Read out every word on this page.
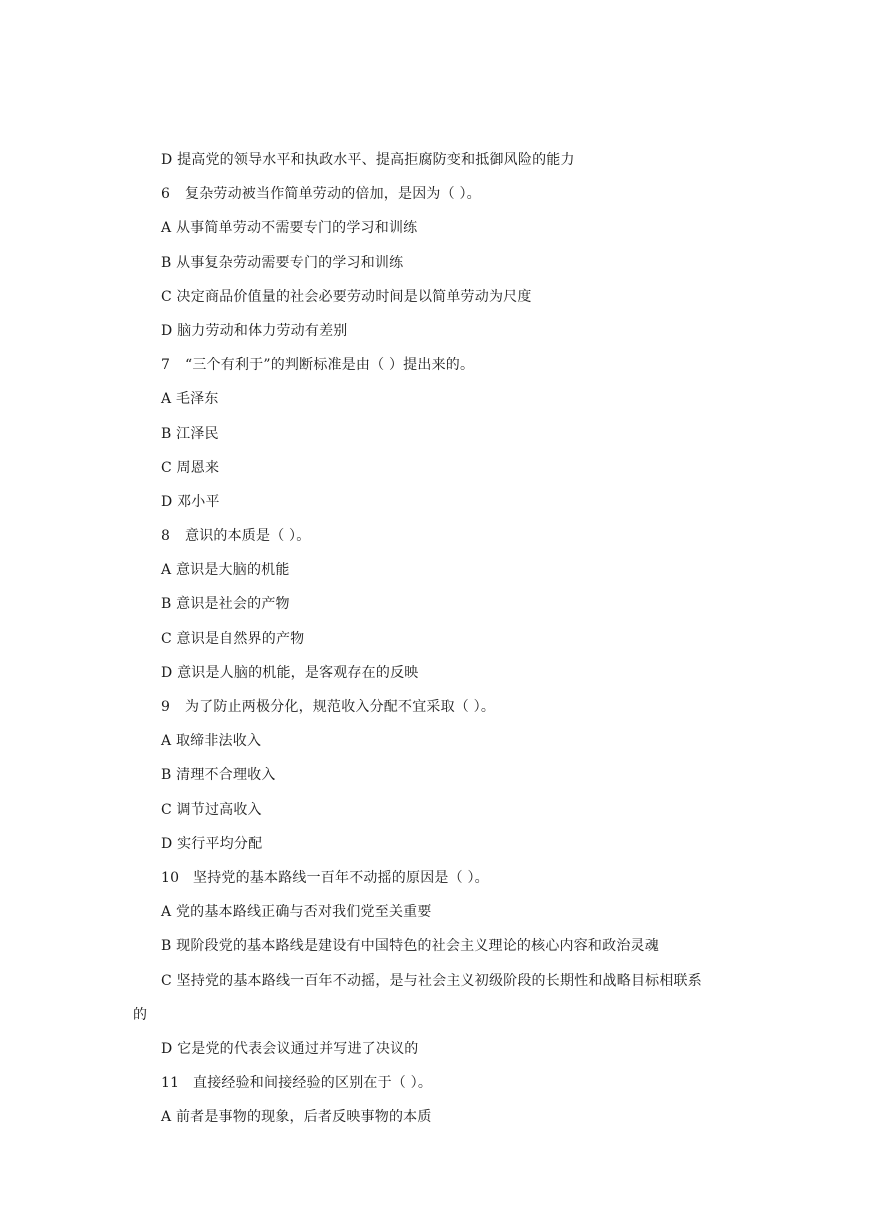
D 提高党的领导水平和执政水平、提高拒腐防变和抵御风险的能力
6 复杂劳动被当作简单劳动的倍加，是因为（ ）。
A 从事简单劳动不需要专门的学习和训练
B 从事复杂劳动需要专门的学习和训练
C 决定商品价值量的社会必要劳动时间是以简单劳动为尺度
D 脑力劳动和体力劳动有差别
7 “三个有利于”的判断标准是由（ ）提出来的。
A 毛泽东
B 江泽民
C 周恩来
D 邓小平
8 意识的本质是（ ）。
A 意识是大脑的机能
B 意识是社会的产物
C 意识是自然界的产物
D 意识是人脑的机能，是客观存在的反映
9 为了防止两极分化，规范收入分配不宜采取（ ）。
A 取缔非法收入
B 清理不合理收入
C 调节过高收入
D 实行平均分配
10 坚持党的基本路线一百年不动摇的原因是（ ）。
A 党的基本路线正确与否对我们党至关重要
B 现阶段党的基本路线是建设有中国特色的社会主义理论的核心内容和政治灵魂
C 坚持党的基本路线一百年不动摇，是与社会主义初级阶段的长期性和战略目标相联系
的
D 它是党的代表会议通过并写进了决议的
11 直接经验和间接经验的区别在于（ ）。
A 前者是事物的现象，后者反映事物的本质
